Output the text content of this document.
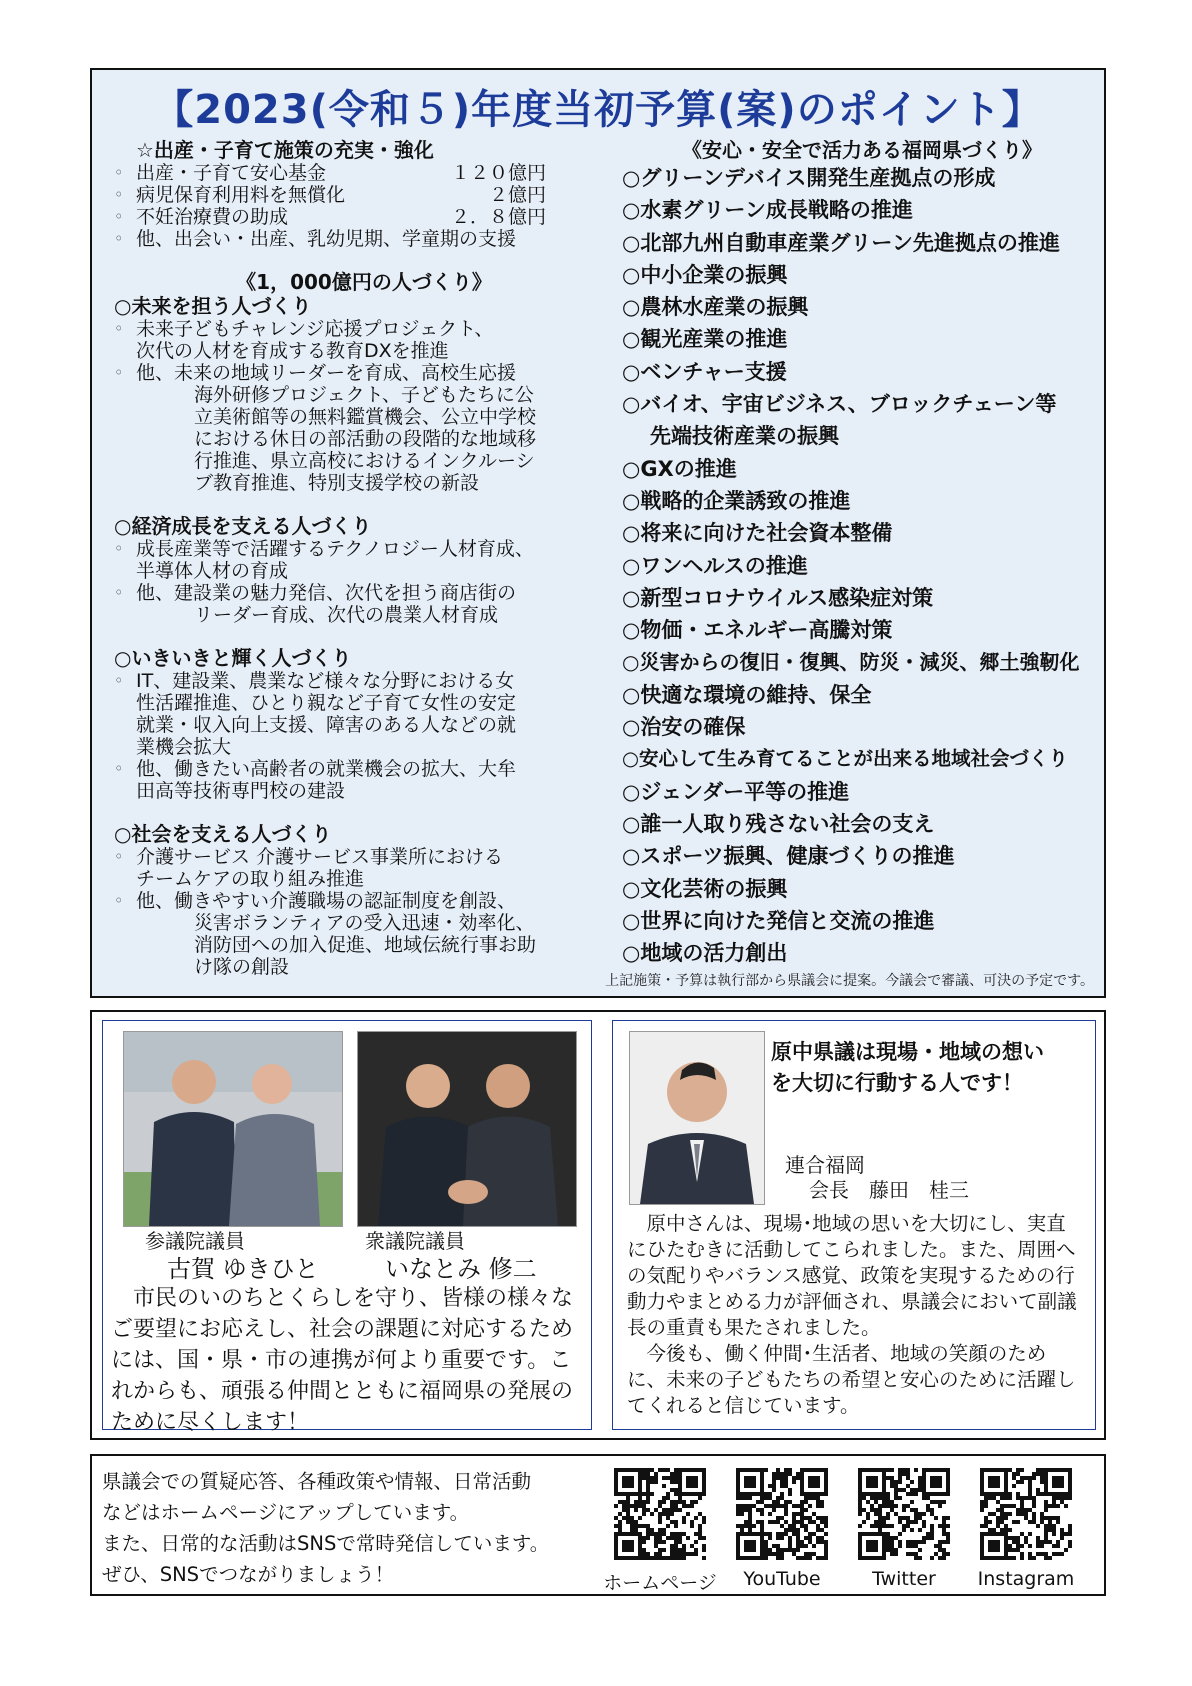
【2023(令和５)年度当初予算(案)のポイント】
☆出産・子育て施策の充実・強化
◦ 出産・子育て安心基金	１２０億円
◦ 病児保育利用料を無償化	２億円
◦ 不妊治療費の助成	２．８億円
◦ 他、出会い・出産、乳幼児期、学童期の支援
《1，000億円の人づくり》
○未来を担う人づくり
◦ 未来子どもチャレンジ応援プロジェクト、
次代の人材を育成する教育DXを推進
◦ 他、未来の地域リーダーを育成、高校生応援
海外研修プロジェクト、子どもたちに公
立美術館等の無料鑑賞機会、公立中学校
における休日の部活動の段階的な地域移
行推進、県立高校におけるインクルーシ
ブ教育推進、特別支援学校の新設
○経済成長を支える人づくり
◦ 成長産業等で活躍するテクノロジー人材育成、
半導体人材の育成
◦ 他、建設業の魅力発信、次代を担う商店街の
リーダー育成、次代の農業人材育成
○いきいきと輝く人づくり
◦ IT、建設業、農業など様々な分野における女
性活躍推進、ひとり親など子育て女性の安定
就業・収入向上支援、障害のある人などの就
業機会拡大
◦ 他、働きたい高齢者の就業機会の拡大、大牟
田高等技術専門校の建設
○社会を支える人づくり
◦ 介護サービス 介護サービス事業所における
チームケアの取り組み推進
◦ 他、働きやすい介護職場の認証制度を創設、
災害ボランティアの受入迅速・効率化、
消防団への加入促進、地域伝統行事お助
け隊の創設
《安心・安全で活力ある福岡県づくり》
○グリーンデバイス開発生産拠点の形成
○水素グリーン成長戦略の推進
○北部九州自動車産業グリーン先進拠点の推進
○中小企業の振興
○農林水産業の振興
○観光産業の推進
○ベンチャー支援
○バイオ、宇宙ビジネス、ブロックチェーン等
先端技術産業の振興
○GXの推進
○戦略的企業誘致の推進
○将来に向けた社会資本整備
○ワンヘルスの推進
○新型コロナウイルス感染症対策
○物価・エネルギー高騰対策
○災害からの復旧・復興、防災・減災、郷土強靭化
○快適な環境の維持、保全
○治安の確保
○安心して生み育てることが出来る地域社会づくり
○ジェンダー平等の推進
○誰一人取り残さない社会の支え
○スポーツ振興、健康づくりの推進
○文化芸術の振興
○世界に向けた発信と交流の推進
○地域の活力創出
上記施策・予算は執行部から県議会に提案。今議会で審議、可決の予定です。
参議院議員
古賀 ゆきひと
衆議院議員
いなとみ 修二

市民のいのちとくらしを守り、皆様の様々なご要望にお応えし、社会の課題に対応するためには、国・県・市の連携が何より重要です。これからも、頑張る仲間とともに福岡県の発展のために尽くします！

原中県議は現場・地域の想い
を大切に行動する人です！
連合福岡
会長　藤田　桂三

原中さんは、現場･地域の思いを大切にし、実直にひたむきに活動してこられました。また、周囲への気配りやバランス感覚、政策を実現するための行動力やまとめる力が評価され、県議会において副議長の重責も果たされました。

今後も、働く仲間･生活者、地域の笑顔のために、未来の子どもたちの希望と安心のために活躍してくれると信じています。

県議会での質疑応答、各種政策や情報、日常活動
などはホームページにアップしています。
また、日常的な活動はSNSで常時発信しています。
ぜひ、SNSでつながりましょう！	ホームページ	YouTube	Twitter	Instagram
